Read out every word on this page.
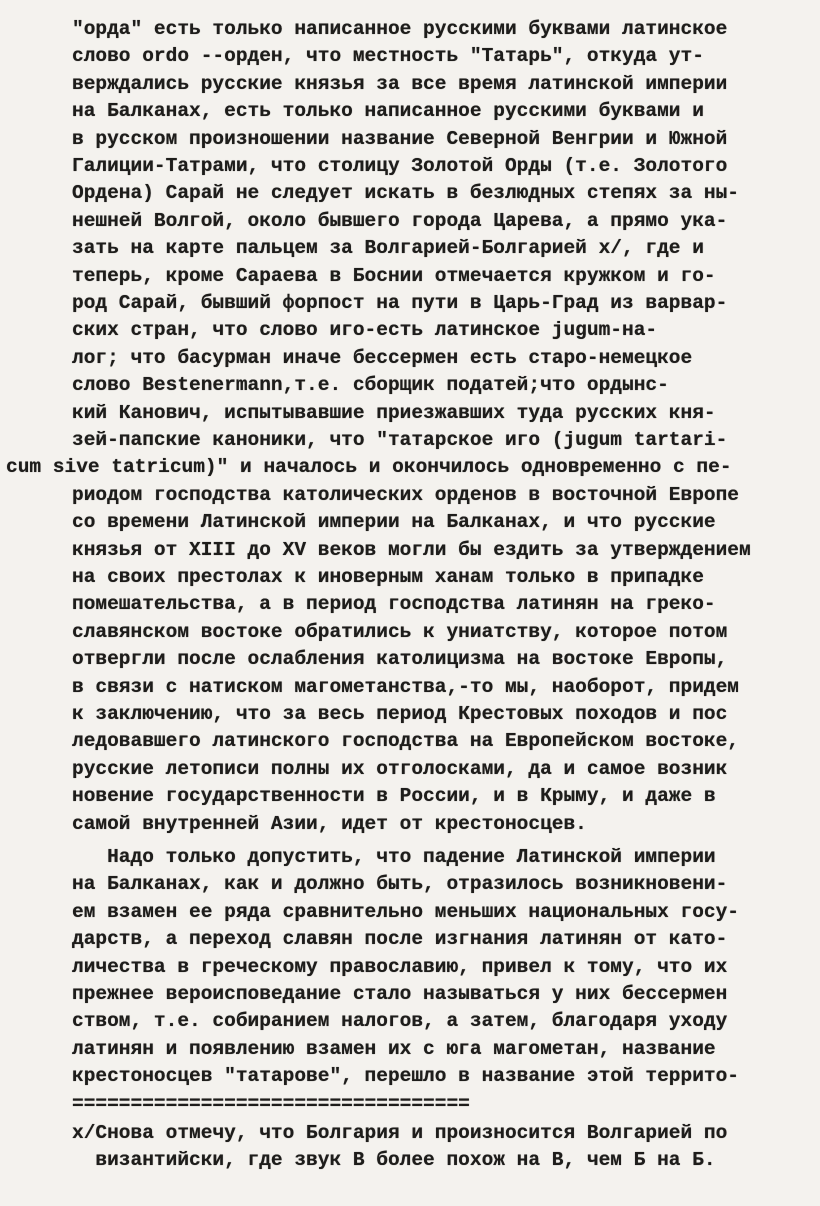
"орда" есть только написанное русскими буквами латинское
слово ordo --орден, что местность "Татарь", откуда ут-
верждались русские князья за все время латинской империи
на Балканах, есть только написанное русскими буквами и
в русском произношении название Северной Венгрии и Южной
Галиции-Татрами, что столицу Золотой Орды (т.е. Золотого
Ордена) Сарай не следует искать в безлюдных степях за ны-
нешней Волгой, около бывшего города Царева, а прямо ука-
зать на карте пальцем за Волгарией-Болгарией x/, где и
теперь, кроме Сараева в Боснии отмечается кружком и го-
род Сарай, бывший форпост на пути в Царь-Град из варвар-
ских стран, что слово иго-есть латинское jugum-на-
лог; что басурман иначе бессермен есть старо-немецкое
слово Bestenermann,т.е. сборщик податей;что ордынс-
кий Канович, испытывавшие приезжавших туда русских кня-
зей-папские каноники, что "татарское иго (jugum tartari-
cum sive tatricum)" и началось и окончилось одновременно с пе-
риодом господства католических орденов в восточной Европе
со времени Латинской империи на Балканах, и что русские
князья от XIII до XV веков могли бы ездить за утверждением
на своих престолах к иноверным ханам только в припадке
помешательства, а в период господства латинян на греко-
славянском востоке обратились к униатству, которое потом
отвергли после ослабления католицизма на востоке Европы,
в связи с натиском магометанства,-то мы, наоборот, придем
к заключению, что за весь период Крестовых походов и пос
ледовавшего латинского господства на Европейском востоке,
русские летописи полны их отголосками, да и самое возник
новение государственности в России, и в Крыму, и даже в
самой внутренней Азии, идет от крестоносцев.
Надо только допустить, что падение Латинской империи
на Балканах, как и должно быть, отразилось возникновени-
ем взамен ее ряда сравнительно меньших национальных госу-
дарств, а переход славян после изгнания латинян от като-
личества в греческому православию, привел к тому, что их
прежнее вероисповедание стало называться у них бессермен
ством, т.е. собиранием налогов, а затем, благодаря уходу
латинян и появлению взамен их с юга магометан, название
крестоносцев "татарове", перешло в название этой террито-
==================================
x/Снова отмечу, что Болгария и произносится Волгарией по
византийски, где звук В более похож на В, чем Б на Б.
